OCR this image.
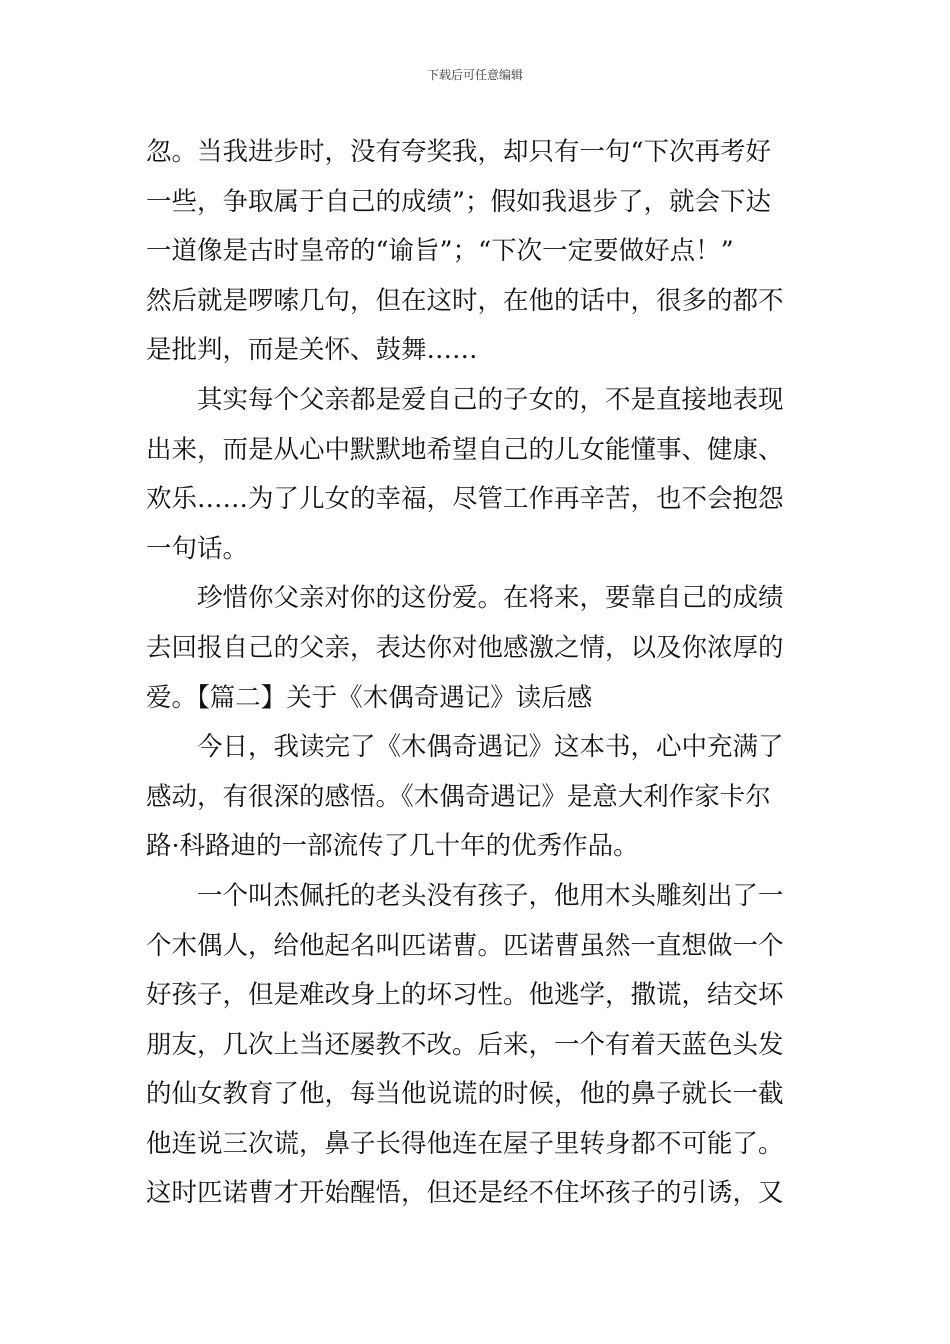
下载后可任意编辑
忽。当我进步时，没有夸奖我，却只有一句“下次再考好
一些，争取属于自己的成绩”；假如我退步了，就会下达
一道像是古时皇帝的“谕旨”；“下次一定要做好点！”
然后就是啰嗦几句，但在这时，在他的话中，很多的都不
是批判，而是关怀、鼓舞……
　　其实每个父亲都是爱自己的子女的，不是直接地表现
出来，而是从心中默默地希望自己的儿女能懂事、健康、
欢乐……为了儿女的幸福，尽管工作再辛苦，也不会抱怨
一句话。
　　珍惜你父亲对你的这份爱。在将来，要靠自己的成绩
去回报自己的父亲，表达你对他感激之情，以及你浓厚的
爱。【篇二】关于《木偶奇遇记》读后感
　　今日，我读完了《木偶奇遇记》这本书，心中充满了
感动，有很深的感悟。《木偶奇遇记》是意大利作家卡尔
路·科路迪的一部流传了几十年的优秀作品。
　　一个叫杰佩托的老头没有孩子，他用木头雕刻出了一
个木偶人，给他起名叫匹诺曹。匹诺曹虽然一直想做一个
好孩子，但是难改身上的坏习性。他逃学，撒谎，结交坏
朋友，几次上当还屡教不改。后来，一个有着天蓝色头发
的仙女教育了他，每当他说谎的时候，他的鼻子就长一截
他连说三次谎，鼻子长得他连在屋子里转身都不可能了。
这时匹诺曹才开始醒悟，但还是经不住坏孩子的引诱，又
